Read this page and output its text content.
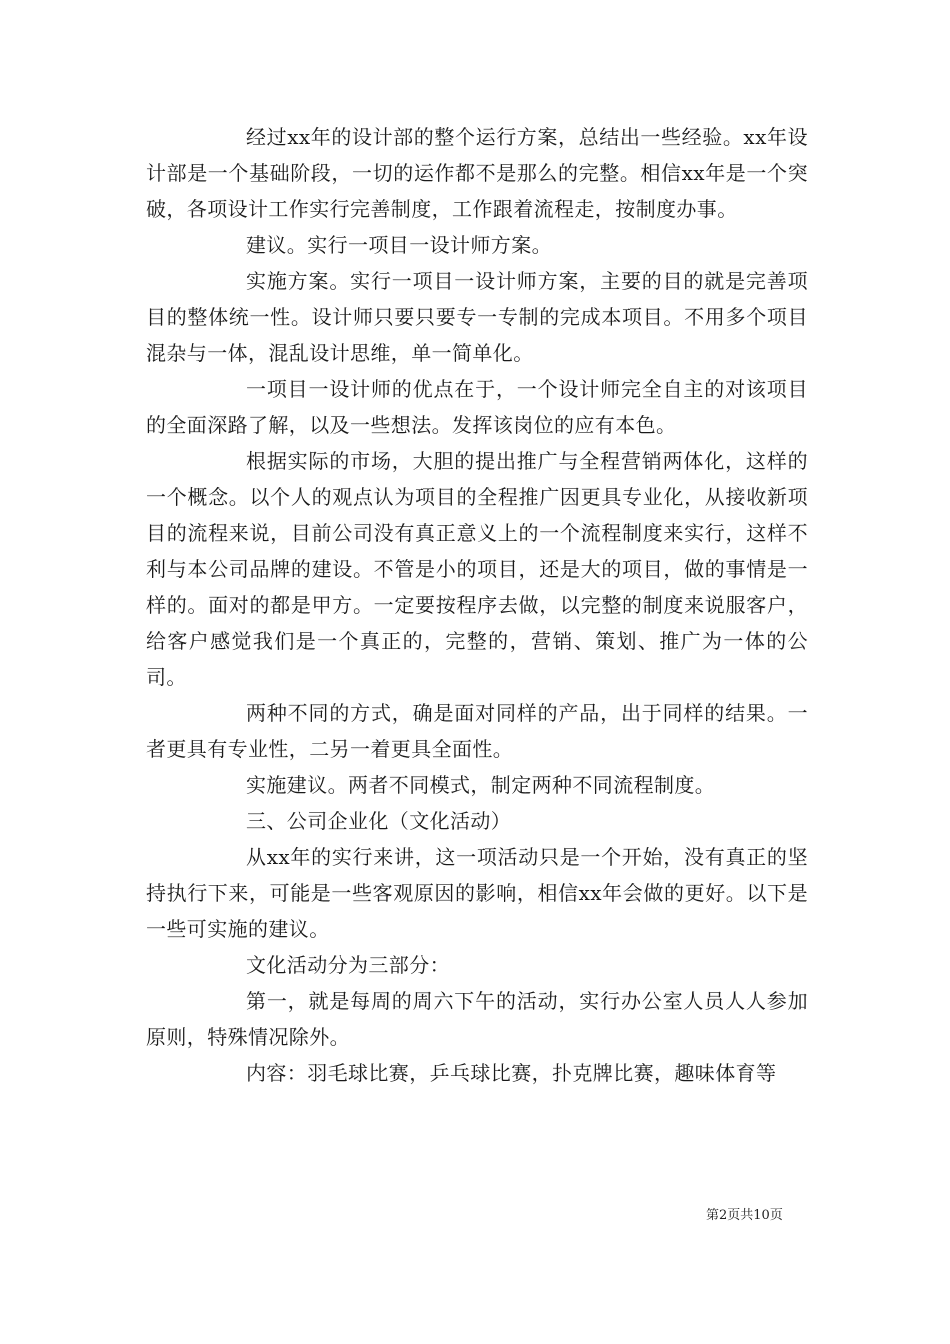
经过xx年的设计部的整个运行方案，总结出一些经验。xx年设计部是一个基础阶段，一切的运作都不是那么的完整。相信xx年是一个突破，各项设计工作实行完善制度，工作跟着流程走，按制度办事。

建议。实行一项目一设计师方案。

实施方案。实行一项目一设计师方案，主要的目的就是完善项目的整体统一性。设计师只要只要专一专制的完成本项目。不用多个项目混杂与一体，混乱设计思维，单一简单化。

一项目一设计师的优点在于，一个设计师完全自主的对该项目的全面深路了解，以及一些想法。发挥该岗位的应有本色。

根据实际的市场，大胆的提出推广与全程营销两体化，这样的一个概念。以个人的观点认为项目的全程推广因更具专业化，从接收新项目的流程来说，目前公司没有真正意义上的一个流程制度来实行，这样不利与本公司品牌的建设。不管是小的项目，还是大的项目，做的事情是一样的。面对的都是甲方。一定要按程序去做，以完整的制度来说服客户，给客户感觉我们是一个真正的，完整的，营销、策划、推广为一体的公司。

两种不同的方式，确是面对同样的产品，出于同样的结果。一者更具有专业性，二另一着更具全面性。

实施建议。两者不同模式，制定两种不同流程制度。

三、公司企业化（文化活动）

从xx年的实行来讲，这一项活动只是一个开始，没有真正的坚持执行下来，可能是一些客观原因的影响，相信xx年会做的更好。以下是一些可实施的建议。

文化活动分为三部分：

第一，就是每周的周六下午的活动，实行办公室人员人人参加原则，特殊情况除外。

内容：羽毛球比赛，乒乓球比赛，扑克牌比赛，趣味体育等

第2页共10页
